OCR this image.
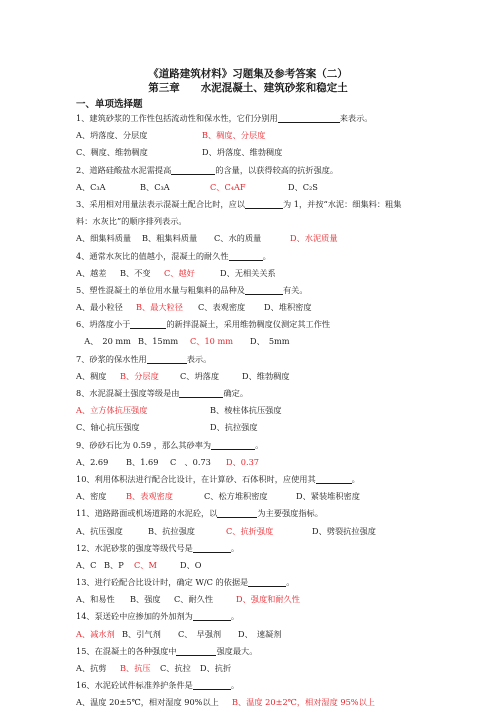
《道路建筑材料》习题集及参考答案（二）
第三章　　水泥混凝土、建筑砂浆和稳定土
一、单项选择题
1、建筑砂浆的工作性包括流动性和保水性，它们分别用	来表示。
A、坍落度、分层度	B、稠度、分层度
C、稠度、维勃稠度	D、坍落度、维勃稠度
2、道路硅酸盐水泥需提高	的含量，以获得较高的抗折强度。
A、C₃A	B、C₃A	C、C₄AF	D、C₂S
3、采用相对用量法表示混凝土配合比时，应以	为 1，并按“水泥：细集料：粗集
料：水灰比”的顺序排列表示。
A、细集料质量 B、粗集料质量 C、水的质量	D、水泥质量
4、通常水灰比的值越小，混凝土的耐久性	。
A、越差 B、不变 C、越好	D、无相关关系
5、塑性混凝土的单位用水量与粗集料的品种及	有关。
A、最小粒径 B、最大粒径 C、表观密度 D、堆积密度
6、坍落度小于	的新拌混凝土，采用维勃稠度仪测定其工作性
　A、　20 mm B、15mm C、10 mm D、　5mm
7、砂浆的保水性用	表示。
A、稠度 B、分层度	C、坍落度	D、维勃稠度
8、水泥混凝土强度等级是由	确定。
A、立方体抗压强度	B、棱柱体抗压强度
C、轴心抗压强度	D、抗拉强度
9、砂砂石比为 0.59 ，那么其砂率为	。
A、2.69 B、1.69 C　、0.73 D、0.37
10、利用体积法进行配合比设计，在计算砂、石体积时，应使用其	。
A、密度 B、表观密度	C、松方堆积密度	D、紧装堆积密度
11、道路路面或机场道路的水泥砼，以	为主要强度指标。
A、抗压强度	B、抗拉强度	C、抗折强度	D、劈裂抗拉强度
12、水泥砂浆的强度等级代号是	。
A、C B、P C、M	D、O
13、进行砼配合比设计时，确定 W/C 的依据是	。
A、和易性 B、强度 C、耐久性	D、强度和耐久性
14、泵送砼中应掺加的外加剂为	。
A、减水剂 B、引气剂 C、　早强剂 D、　速凝剂
15、在混凝土的各种强度中	强度最大。
A、抗剪 B、抗压 C、抗拉 D、抗折
16、水泥砼试件标准养护条件是	。
A、温度 20±5℃，相对湿度 90%以上 B、温度 20±2℃，相对湿度 95%以上
